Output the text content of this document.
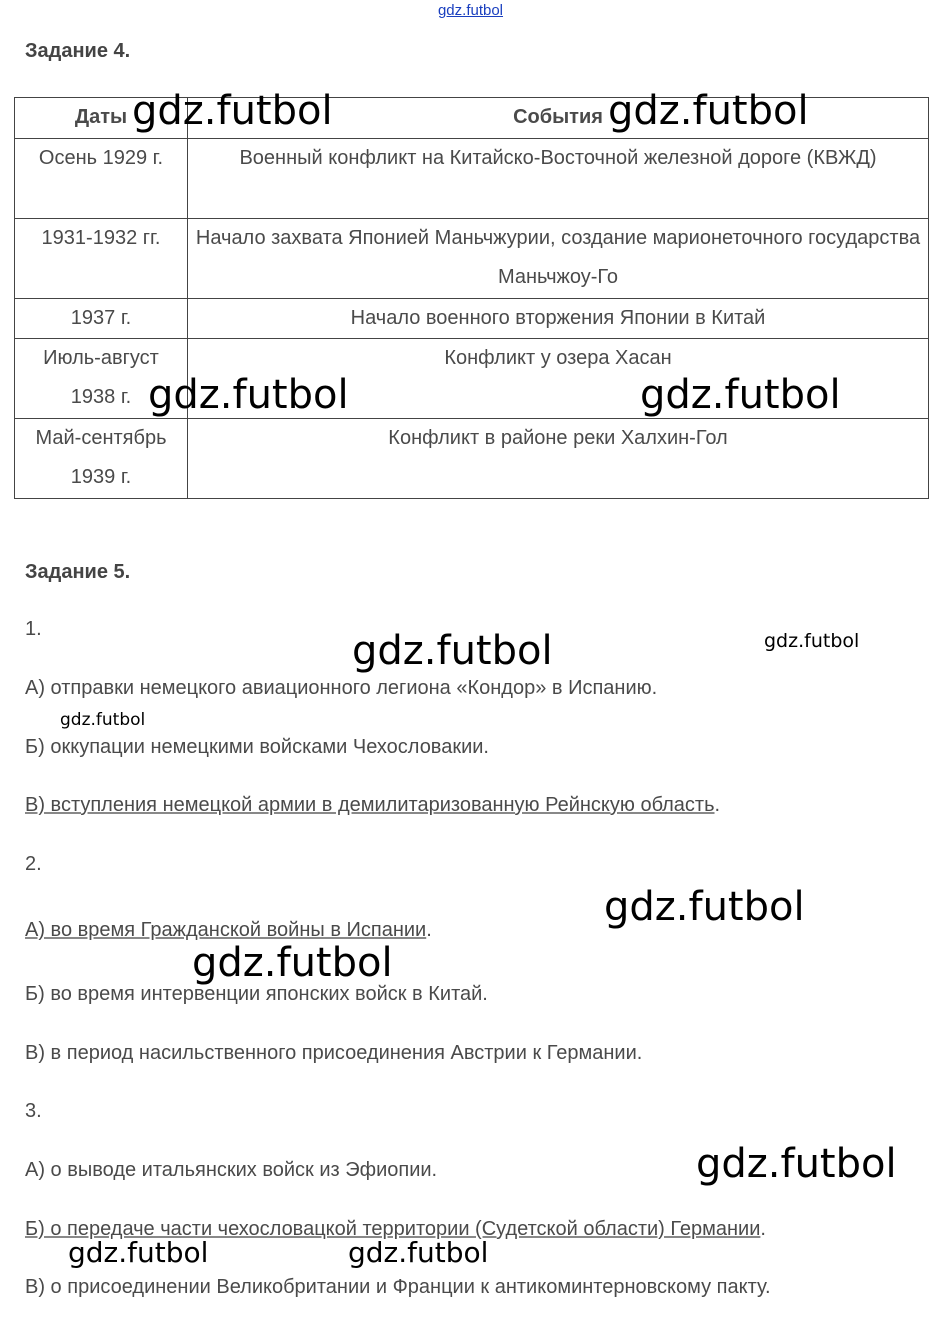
gdz.futbol
Задание 4.
Даты	События
Осень 1929 г.	Военный конфликт на Китайско-Восточной железной дороге (КВЖД)
1931-1932 гг.	Начало захвата Японией Маньчжурии, создание марионеточного государства Маньчжоу-Го
1937 г.	Начало военного вторжения Японии в Китай
Июль-август 1938 г.	Конфликт у озера Хасан
Май-сентябрь 1939 г.	Конфликт в районе реки Халхин-Гол
Задание 5.
1.
А) отправки немецкого авиационного легиона «Кондор» в Испанию.
Б) оккупации немецкими войсками Чехословакии.
В) вступления немецкой армии в демилитаризованную Рейнскую область.
2.
А) во время Гражданской войны в Испании.
Б) во время интервенции японских войск в Китай.
В) в период насильственного присоединения Австрии к Германии.
3.
А) о выводе итальянских войск из Эфиопии.
Б) о передаче части чехословацкой территории (Судетской области) Германии.
В) о присоединении Великобритании и Франции к антикоминтерновскому пакту.
gdz.futbol	gdz.futbol
gdz.futbol	gdz.futbol
gdz.futbol	gdz.futbol
gdz.futbol
gdz.futbol
gdz.futbol
gdz.futbol
gdz.futbol	gdz.futbol
